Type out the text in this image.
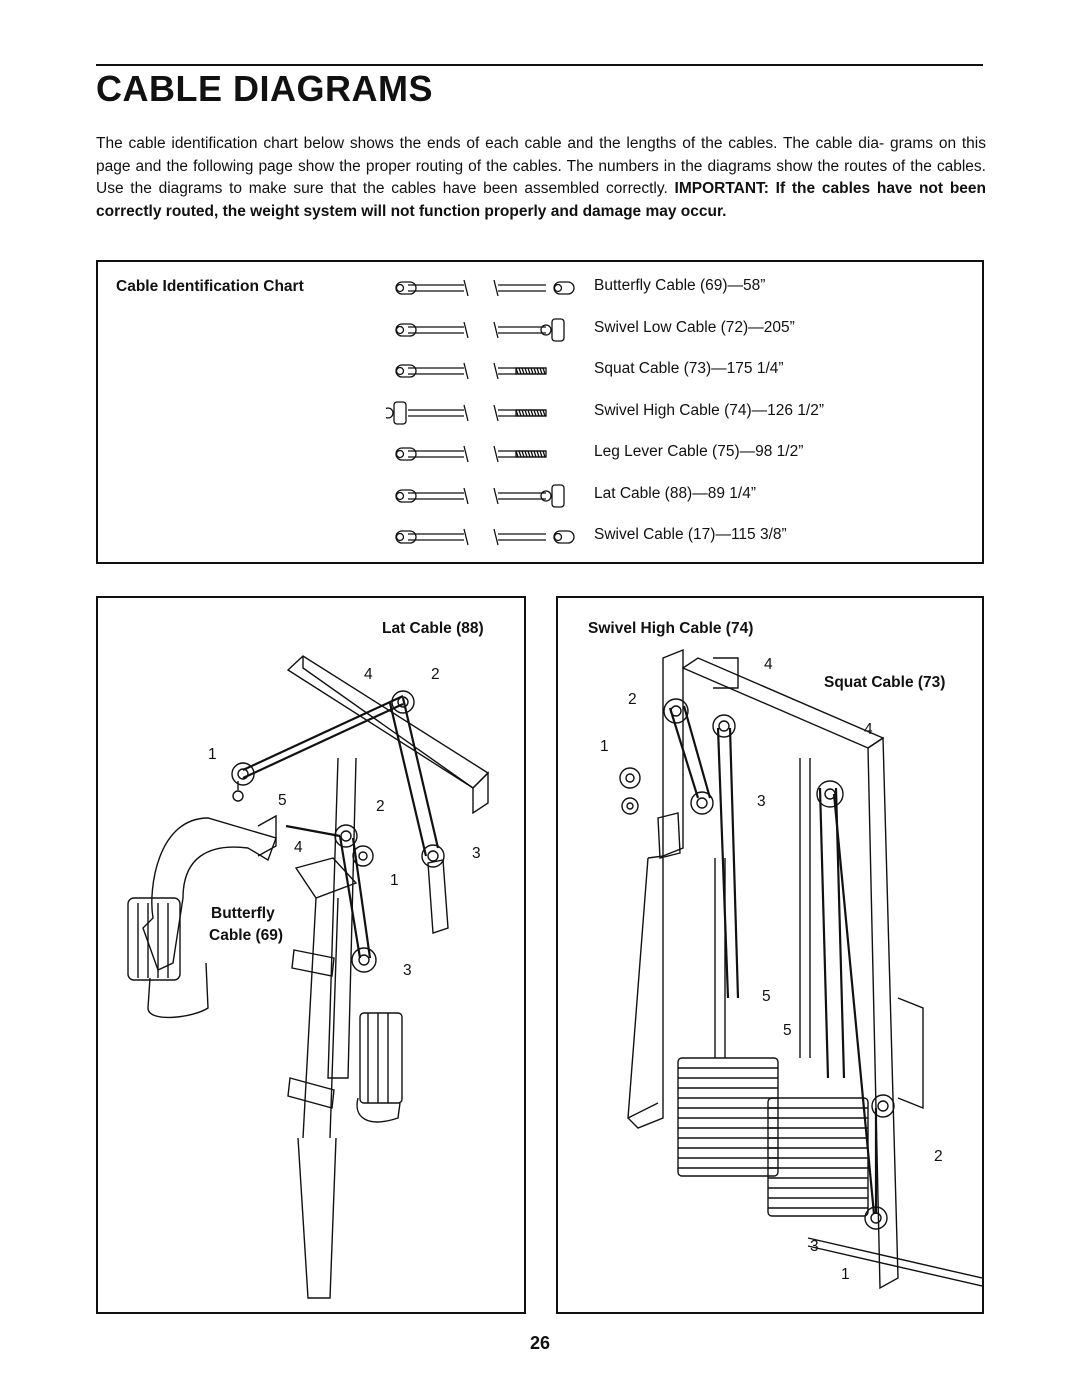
CABLE DIAGRAMS

The cable identification chart below shows the ends of each cable and the lengths of the cables. The cable dia- grams on this page and the following page show the proper routing of the cables. The numbers in the diagrams show the routes of the cables. Use the diagrams to make sure that the cables have been assembled correctly. IMPORTANT: If the cables have not been correctly routed, the weight system will not function properly and damage may occur.

Cable Identification Chart	Butterfly Cable (69)—58”
Swivel Low Cable (72)—205”
Squat Cable (73)—175 1/4”
Swivel High Cable (74)—126 1/2”
Leg Lever Cable (75)—98 1/2”
Lat Cable (88)—89 1/4”
Swivel Cable (17)—115 3/8”
Lat Cable (88)
4	2
1
5	2
4	3
1
3
Butterfly
Cable (69)
Swivel High Cable (74)
Squat Cable (73)
4
2
1
4
3
5
5
2
3
1
26
